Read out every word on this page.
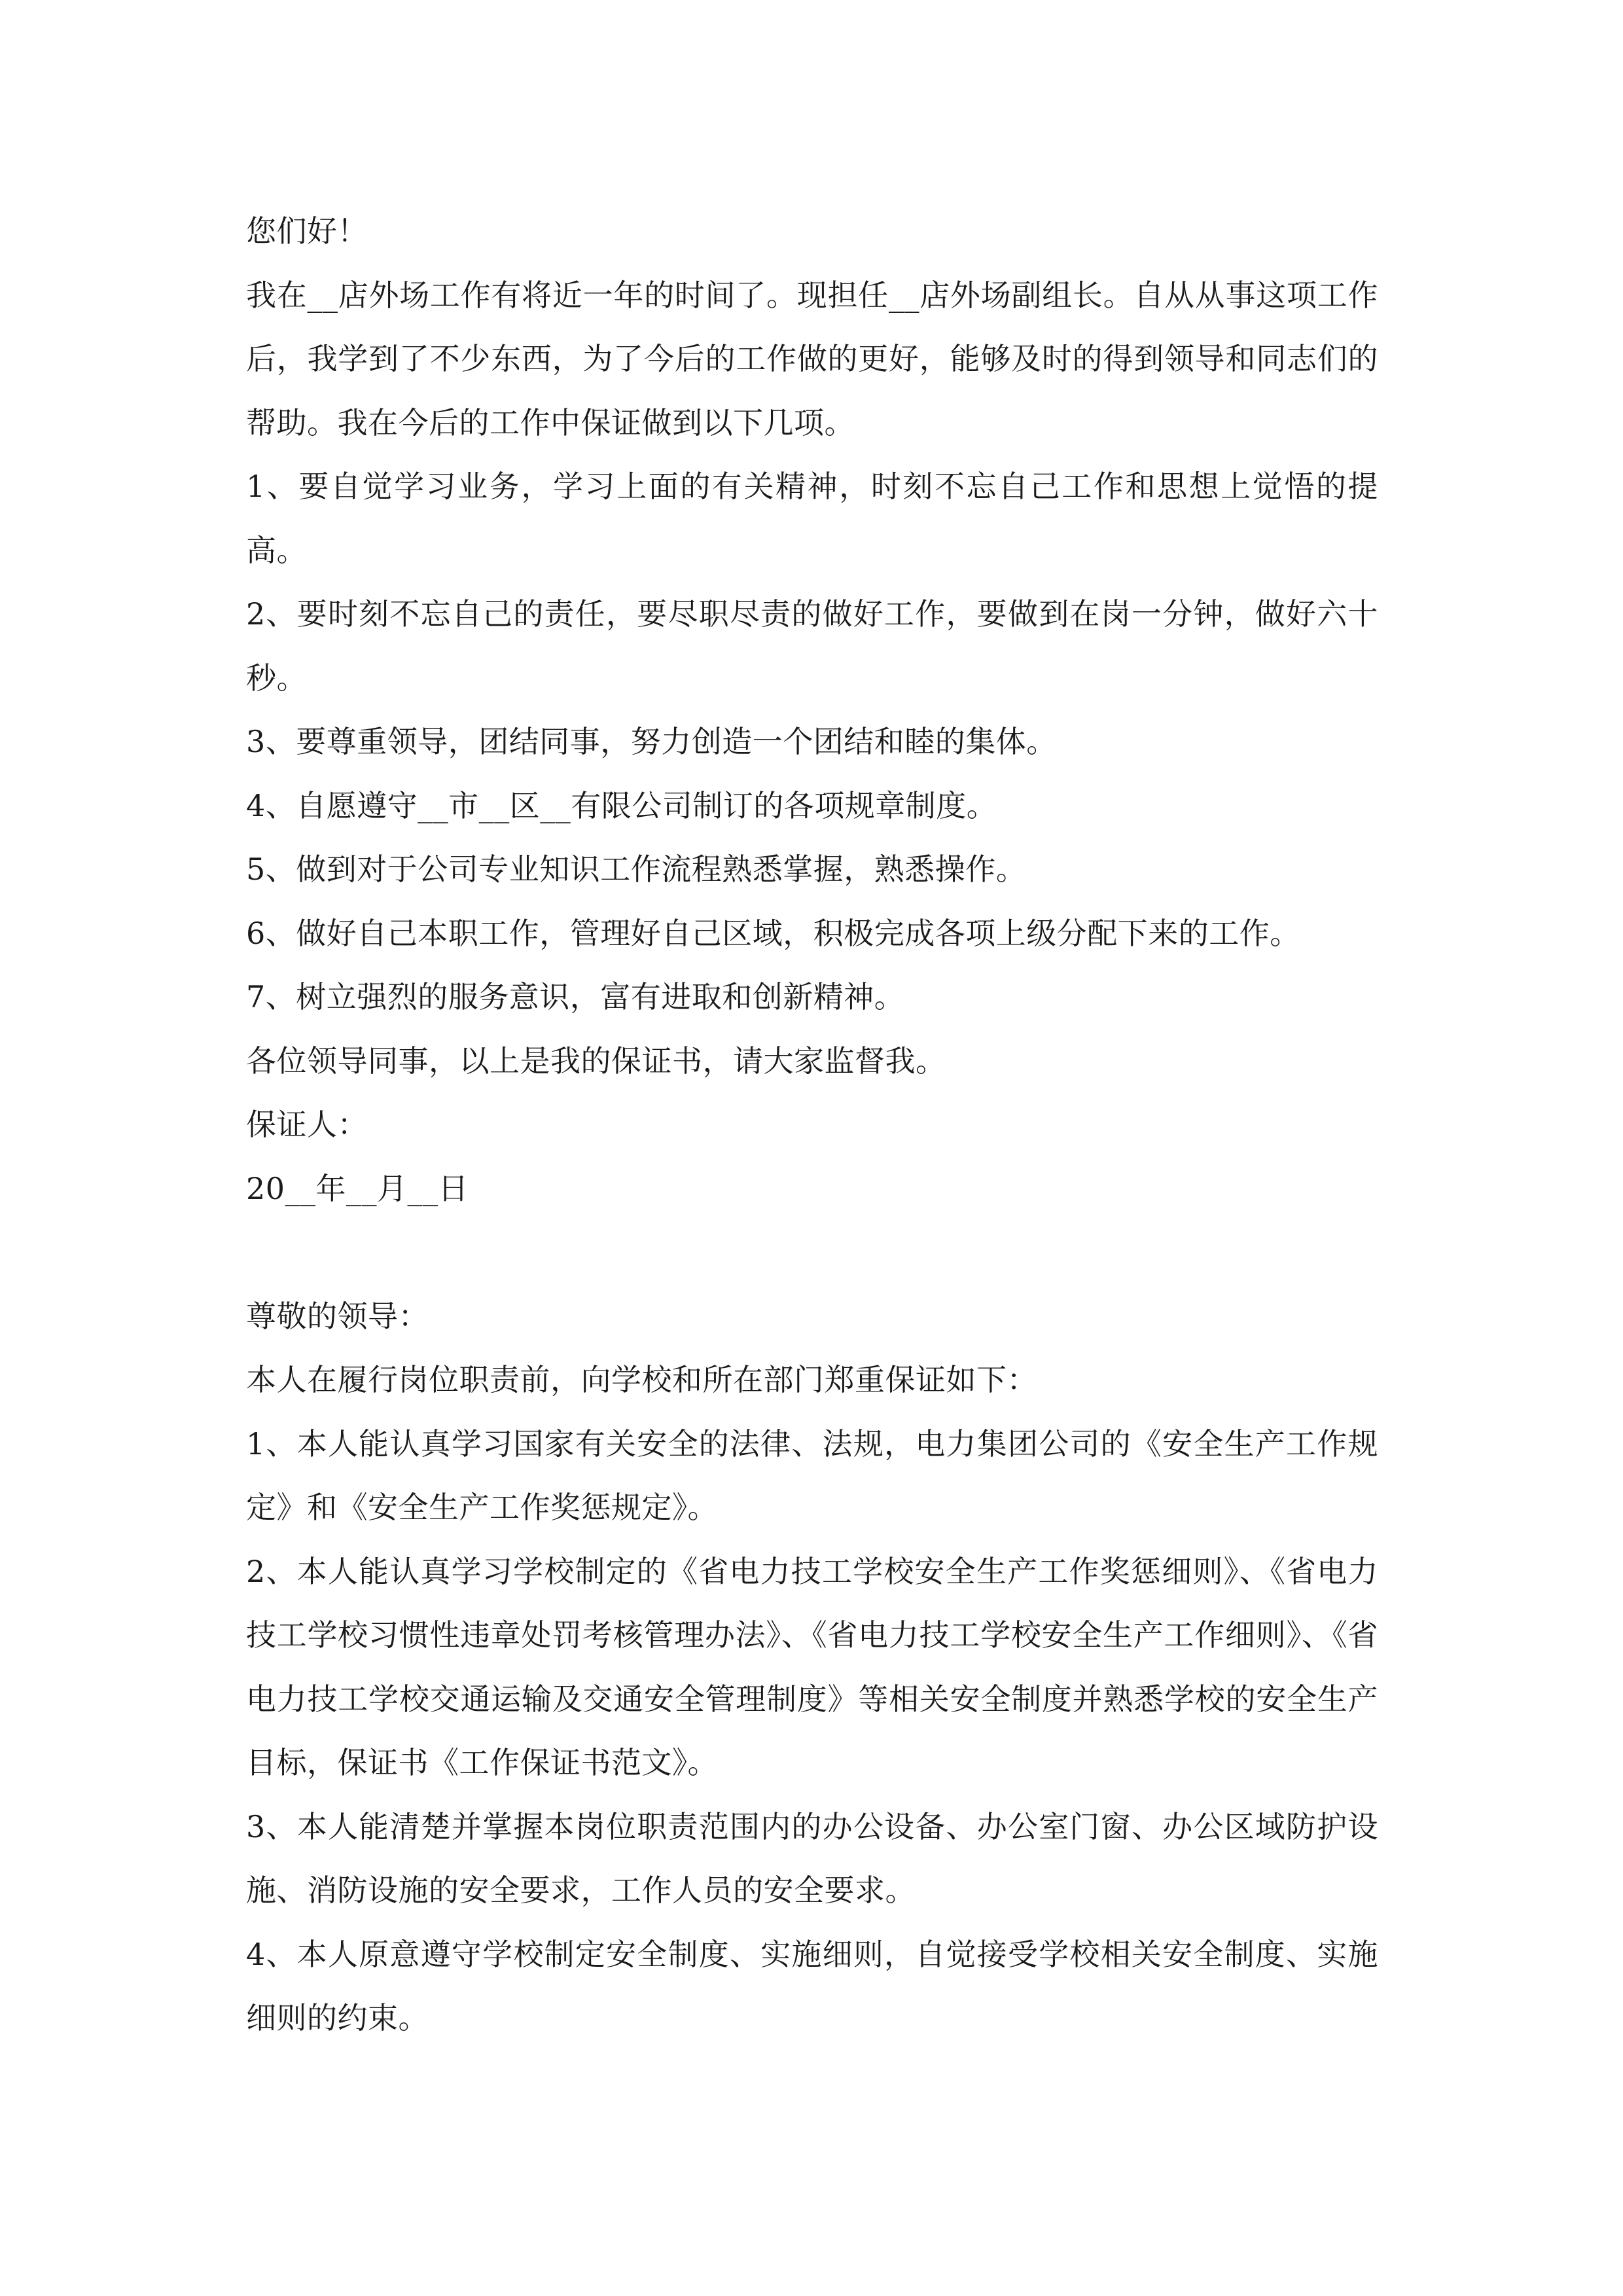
您们好！

我在__店外场工作有将近一年的时间了。现担任__店外场副组长。自从从事这项工作后，我学到了不少东西，为了今后的工作做的更好，能够及时的得到领导和同志们的帮助。我在今后的工作中保证做到以下几项。

1、要自觉学习业务，学习上面的有关精神，时刻不忘自己工作和思想上觉悟的提高。

2、要时刻不忘自己的责任，要尽职尽责的做好工作，要做到在岗一分钟，做好六十秒。

3、要尊重领导，团结同事，努力创造一个团结和睦的集体。

4、自愿遵守__市__区__有限公司制订的各项规章制度。

5、做到对于公司专业知识工作流程熟悉掌握，熟悉操作。

6、做好自己本职工作，管理好自己区域，积极完成各项上级分配下来的工作。

7、树立强烈的服务意识，富有进取和创新精神。

各位领导同事，以上是我的保证书，请大家监督我。

保证人：

20__年__月__日

尊敬的领导：

本人在履行岗位职责前，向学校和所在部门郑重保证如下：

1、本人能认真学习国家有关安全的法律、法规，电力集团公司的《安全生产工作规定》和《安全生产工作奖惩规定》。

2、本人能认真学习学校制定的《省电力技工学校安全生产工作奖惩细则》、《省电力技工学校习惯性违章处罚考核管理办法》、《省电力技工学校安全生产工作细则》、《省电力技工学校交通运输及交通安全管理制度》等相关安全制度并熟悉学校的安全生产目标，保证书《工作保证书范文》。

3、本人能清楚并掌握本岗位职责范围内的办公设备、办公室门窗、办公区域防护设施、消防设施的安全要求，工作人员的安全要求。

4、本人原意遵守学校制定安全制度、实施细则，自觉接受学校相关安全制度、实施细则的约束。
